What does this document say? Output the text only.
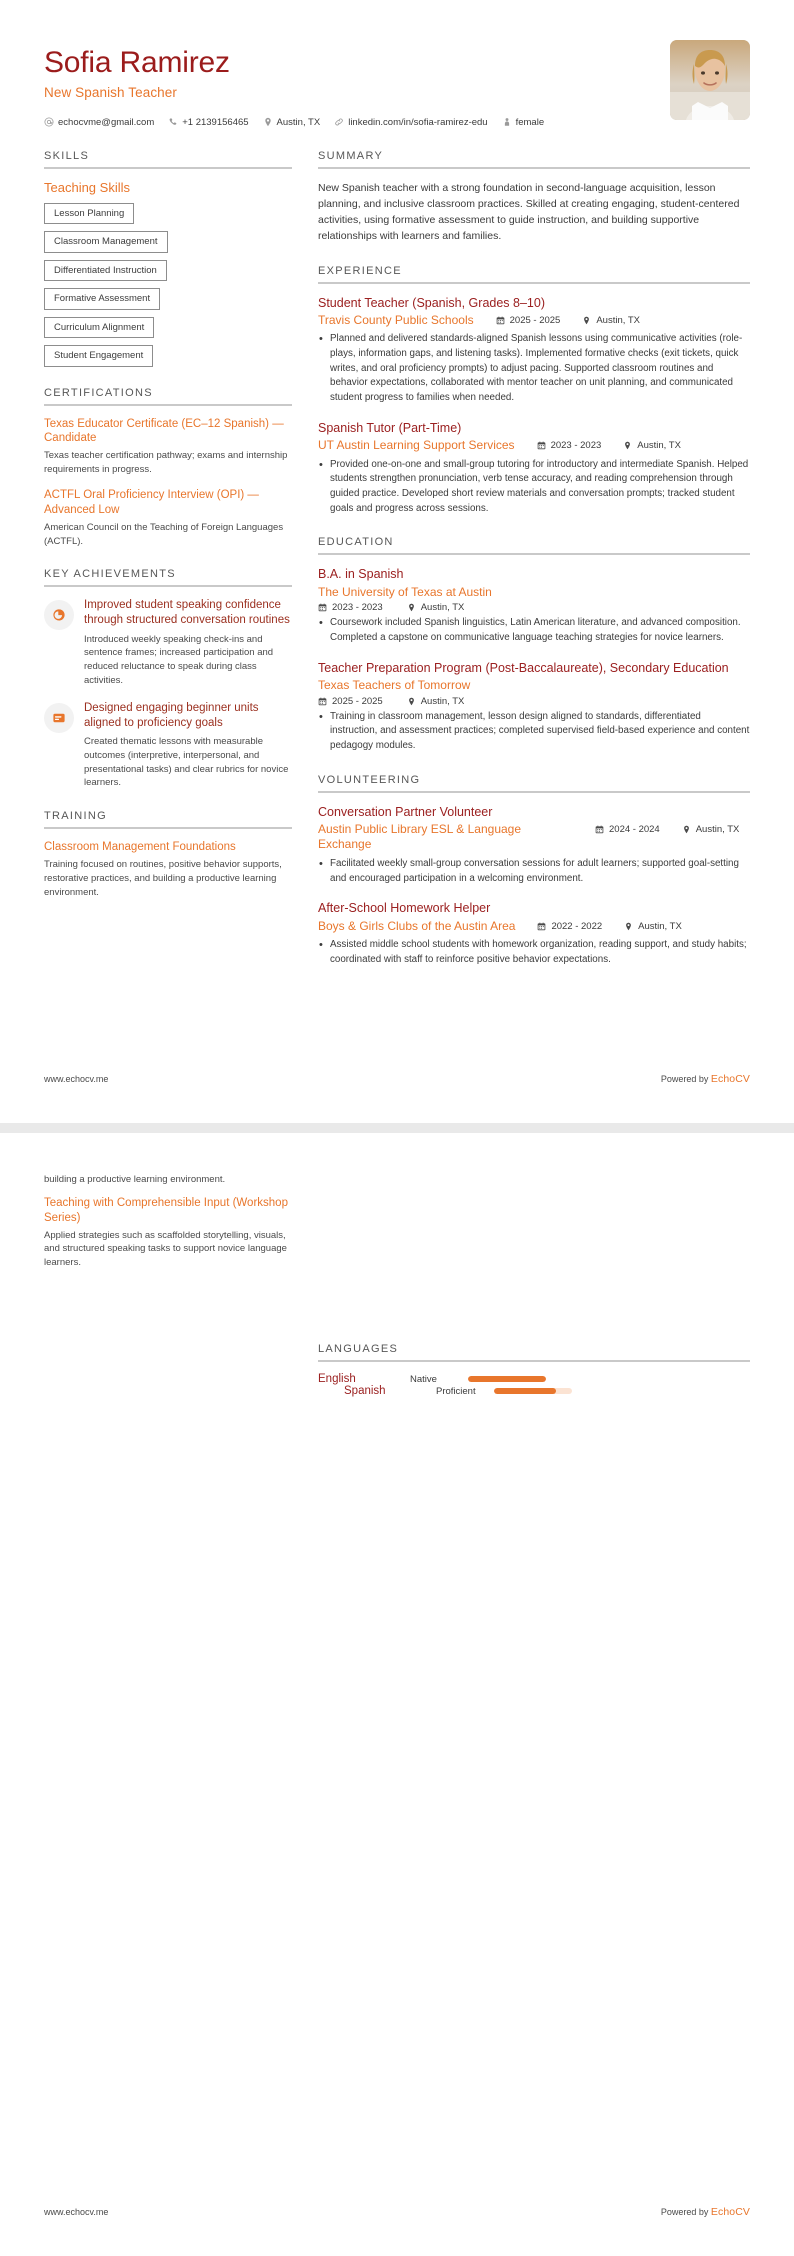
Sofia Ramirez
New Spanish Teacher
echocvme@gmail.com	+1 2139156465	Austin, TX	linkedin.com/in/sofia-ramirez-edu	female
SKILLS
Teaching Skills
Lesson Planning
Classroom Management
Differentiated Instruction
Formative Assessment
Curriculum Alignment
Student Engagement
CERTIFICATIONS
Texas Educator Certificate (EC–12 Spanish) — Candidate
Texas teacher certification pathway; exams and internship requirements in progress.
ACTFL Oral Proficiency Interview (OPI) — Advanced Low
American Council on the Teaching of Foreign Languages (ACTFL).
KEY ACHIEVEMENTS
Improved student speaking confidence through structured conversation routines
Introduced weekly speaking check-ins and sentence frames; increased participation and reduced reluctance to speak during class activities.
Designed engaging beginner units aligned to proficiency goals
Created thematic lessons with measurable outcomes (interpretive, interpersonal, and presentational tasks) and clear rubrics for novice learners.
TRAINING
Classroom Management Foundations
Training focused on routines, positive behavior supports, restorative practices, and building a productive learning environment.
SUMMARY
New Spanish teacher with a strong foundation in second-language acquisition, lesson planning, and inclusive classroom practices. Skilled at creating engaging, student-centered activities, using formative assessment to guide instruction, and building supportive relationships with learners and families.
EXPERIENCE
Student Teacher (Spanish, Grades 8–10)
Travis County Public Schools	2025 - 2025	Austin, TX
• Planned and delivered standards-aligned Spanish lessons using communicative activities (role-plays, information gaps, and listening tasks). Implemented formative checks (exit tickets, quick writes, and oral proficiency prompts) to adjust pacing. Supported classroom routines and behavior expectations, collaborated with mentor teacher on unit planning, and communicated student progress to families when needed.
Spanish Tutor (Part-Time)
UT Austin Learning Support Services	2023 - 2023	Austin, TX
• Provided one-on-one and small-group tutoring for introductory and intermediate Spanish. Helped students strengthen pronunciation, verb tense accuracy, and reading comprehension through guided practice. Developed short review materials and conversation prompts; tracked student goals and progress across sessions.
EDUCATION
B.A. in Spanish
The University of Texas at Austin
2023 - 2023	Austin, TX
• Coursework included Spanish linguistics, Latin American literature, and advanced composition. Completed a capstone on communicative language teaching strategies for novice learners.
Teacher Preparation Program (Post-Baccalaureate), Secondary Education
Texas Teachers of Tomorrow
2025 - 2025	Austin, TX
• Training in classroom management, lesson design aligned to standards, differentiated instruction, and assessment practices; completed supervised field-based experience and content pedagogy modules.
VOLUNTEERING
Conversation Partner Volunteer
Austin Public Library ESL & Language Exchange
2024 - 2024	Austin, TX
• Facilitated weekly small-group conversation sessions for adult learners; supported goal-setting and encouraged participation in a welcoming environment.
After-School Homework Helper
Boys & Girls Clubs of the Austin Area	2022 - 2022	Austin, TX
• Assisted middle school students with homework organization, reading support, and study habits; coordinated with staff to reinforce positive behavior expectations.
www.echocv.me	Powered by EchoCV
building a productive learning environment.
Teaching with Comprehensible Input (Workshop Series)
Applied strategies such as scaffolded storytelling, visuals, and structured speaking tasks to support novice language learners.
LANGUAGES
English	Native
Spanish	Proficient
www.echocv.me	Powered by EchoCV
